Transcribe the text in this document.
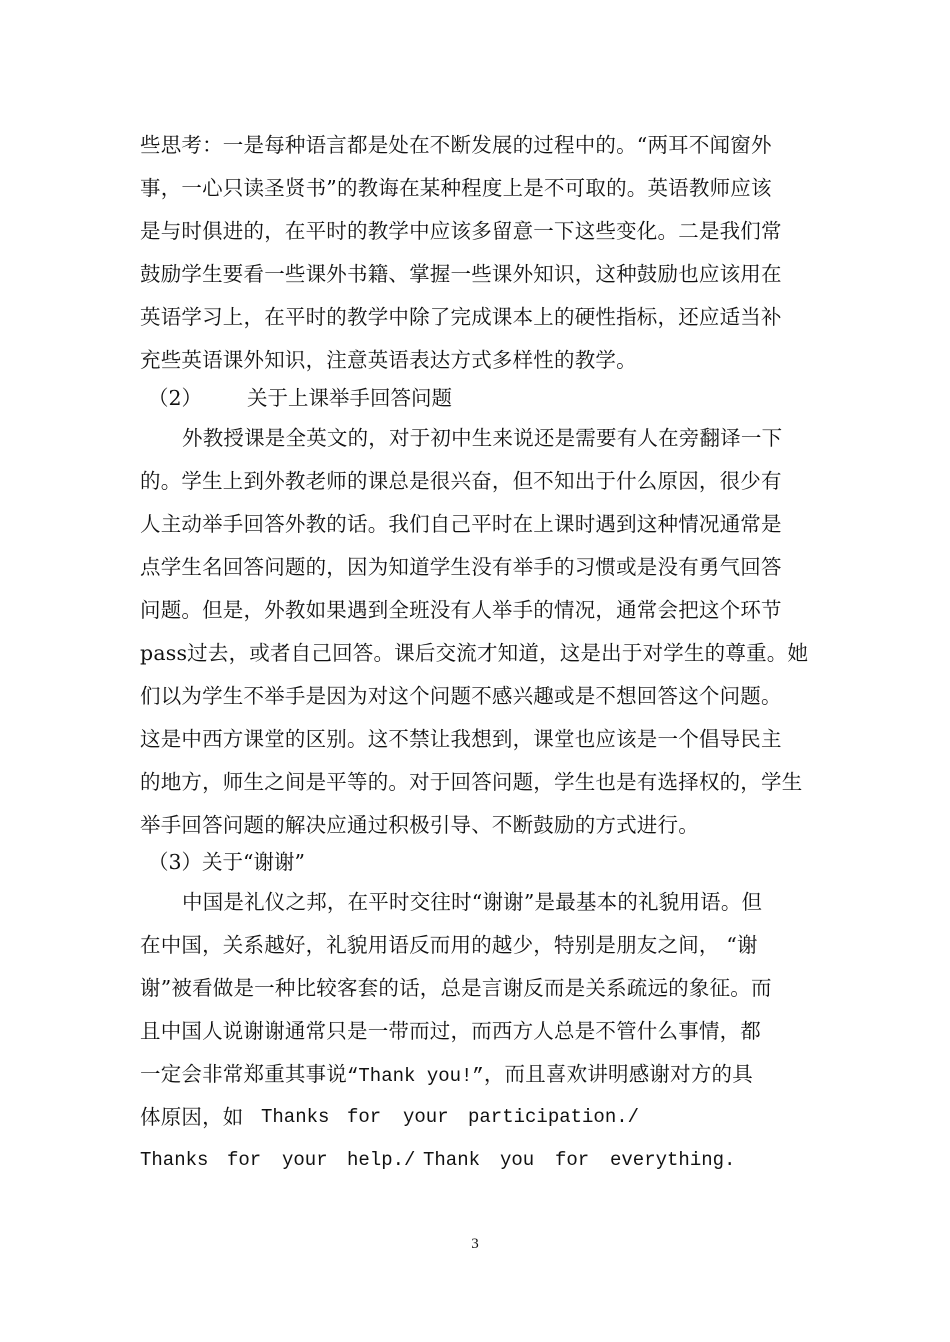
些思考：一是每种语言都是处在不断发展的过程中的。“两耳不闻窗外
事，一心只读圣贤书”的教诲在某种程度上是不可取的。英语教师应该
是与时俱进的，在平时的教学中应该多留意一下这些变化。二是我们常
鼓励学生要看一些课外书籍、掌握一些课外知识，这种鼓励也应该用在
英语学习上，在平时的教学中除了完成课本上的硬性指标，还应适当补
充些英语课外知识，注意英语表达方式多样性的教学。
（2） 关于上课举手回答问题
外教授课是全英文的，对于初中生来说还是需要有人在旁翻译一下
的。学生上到外教老师的课总是很兴奋，但不知出于什么原因，很少有
人主动举手回答外教的话。我们自己平时在上课时遇到这种情况通常是
点学生名回答问题的，因为知道学生没有举手的习惯或是没有勇气回答
问题。但是，外教如果遇到全班没有人举手的情况，通常会把这个环节
pass过去，或者自己回答。课后交流才知道，这是出于对学生的尊重。她
们以为学生不举手是因为对这个问题不感兴趣或是不想回答这个问题。
这是中西方课堂的区别。这不禁让我想到，课堂也应该是一个倡导民主
的地方，师生之间是平等的。对于回答问题，学生也是有选择权的，学生
举手回答问题的解决应通过积极引导、不断鼓励的方式进行。
（3）关于“谢谢”
中国是礼仪之邦，在平时交往时“谢谢”是最基本的礼貌用语。但
在中国，关系越好，礼貌用语反而用的越少，特别是朋友之间， “谢
谢”被看做是一种比较客套的话，总是言谢反而是关系疏远的象征。而
且中国人说谢谢通常只是一带而过，而西方人总是不管什么事情，都
一定会非常郑重其事说“Thank you!”，而且喜欢讲明感谢对方的具
体原因，如 Thanks for your participation./
Thanks for your help./ Thank you for everything.
3
